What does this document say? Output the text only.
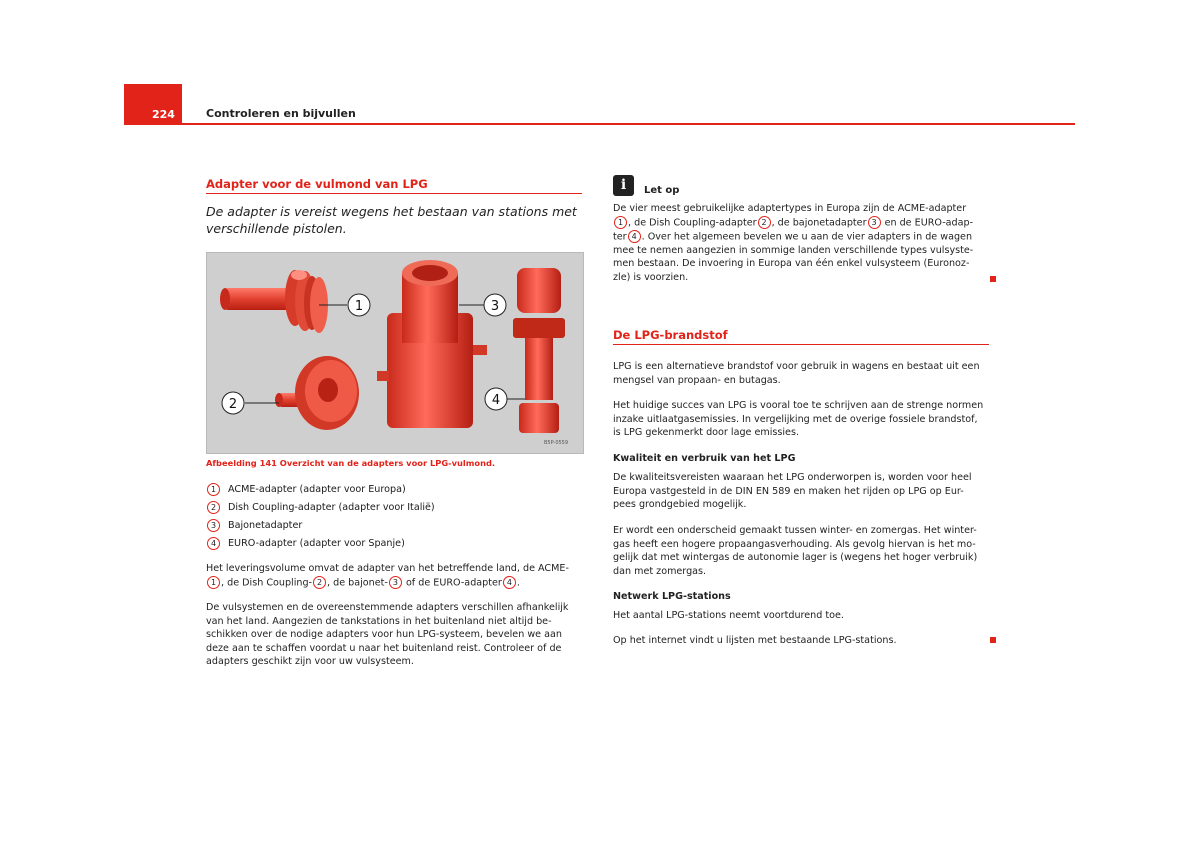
224	Controleren en bijvullen
Adapter voor de vulmond van LPG
De adapter is vereist wegens het bestaan van stations met verschillende pistolen.
1
2
3
4
B5P-0559
Afbeelding 141 Overzicht van de adapters voor LPG-vulmond.
1 ACME-adapter (adapter voor Europa)
2 Dish Coupling-adapter (adapter voor Italië)
3 Bajonetadapter
4 EURO-adapter (adapter voor Spanje)
Het leveringsvolume omvat de adapter van het betreffende land, de ACME-
1 , de Dish Coupling- 2 , de bajonet- 3 of de EURO-adapter 4 .
De vulsystemen en de overeenstemmende adapters verschillen afhankelijk
van het land. Aangezien de tankstations in het buitenland niet altijd be-
schikken over de nodige adapters voor hun LPG-systeem, bevelen we aan
deze aan te schaffen voordat u naar het buitenland reist. Controleer of de
adapters geschikt zijn voor uw vulsysteem.
i	Let op
De vier meest gebruikelijke adaptertypes in Europa zijn de ACME-adapter
1 , de Dish Coupling-adapter 2 , de bajonetadapter 3 en de EURO-adap-
ter 4 . Over het algemeen bevelen we u aan de vier adapters in de wagen
mee te nemen aangezien in sommige landen verschillende types vulsyste-
men bestaan. De invoering in Europa van één enkel vulsysteem (Euronoz-
zle) is voorzien.
De LPG-brandstof
LPG is een alternatieve brandstof voor gebruik in wagens en bestaat uit een
mengsel van propaan- en butagas.
Het huidige succes van LPG is vooral toe te schrijven aan de strenge normen
inzake uitlaatgasemissies. In vergelijking met de overige fossiele brandstof,
is LPG gekenmerkt door lage emissies.
Kwaliteit en verbruik van het LPG
De kwaliteitsvereisten waaraan het LPG onderworpen is, worden voor heel
Europa vastgesteld in de DIN EN 589 en maken het rijden op LPG op Eur-
pees grondgebied mogelijk.
Er wordt een onderscheid gemaakt tussen winter- en zomergas. Het winter-
gas heeft een hogere propaangasverhouding. Als gevolg hiervan is het mo-
gelijk dat met wintergas de autonomie lager is (wegens het hoger verbruik)
dan met zomergas.
Netwerk LPG-stations
Het aantal LPG-stations neemt voortdurend toe.
Op het internet vindt u lijsten met bestaande LPG-stations.
